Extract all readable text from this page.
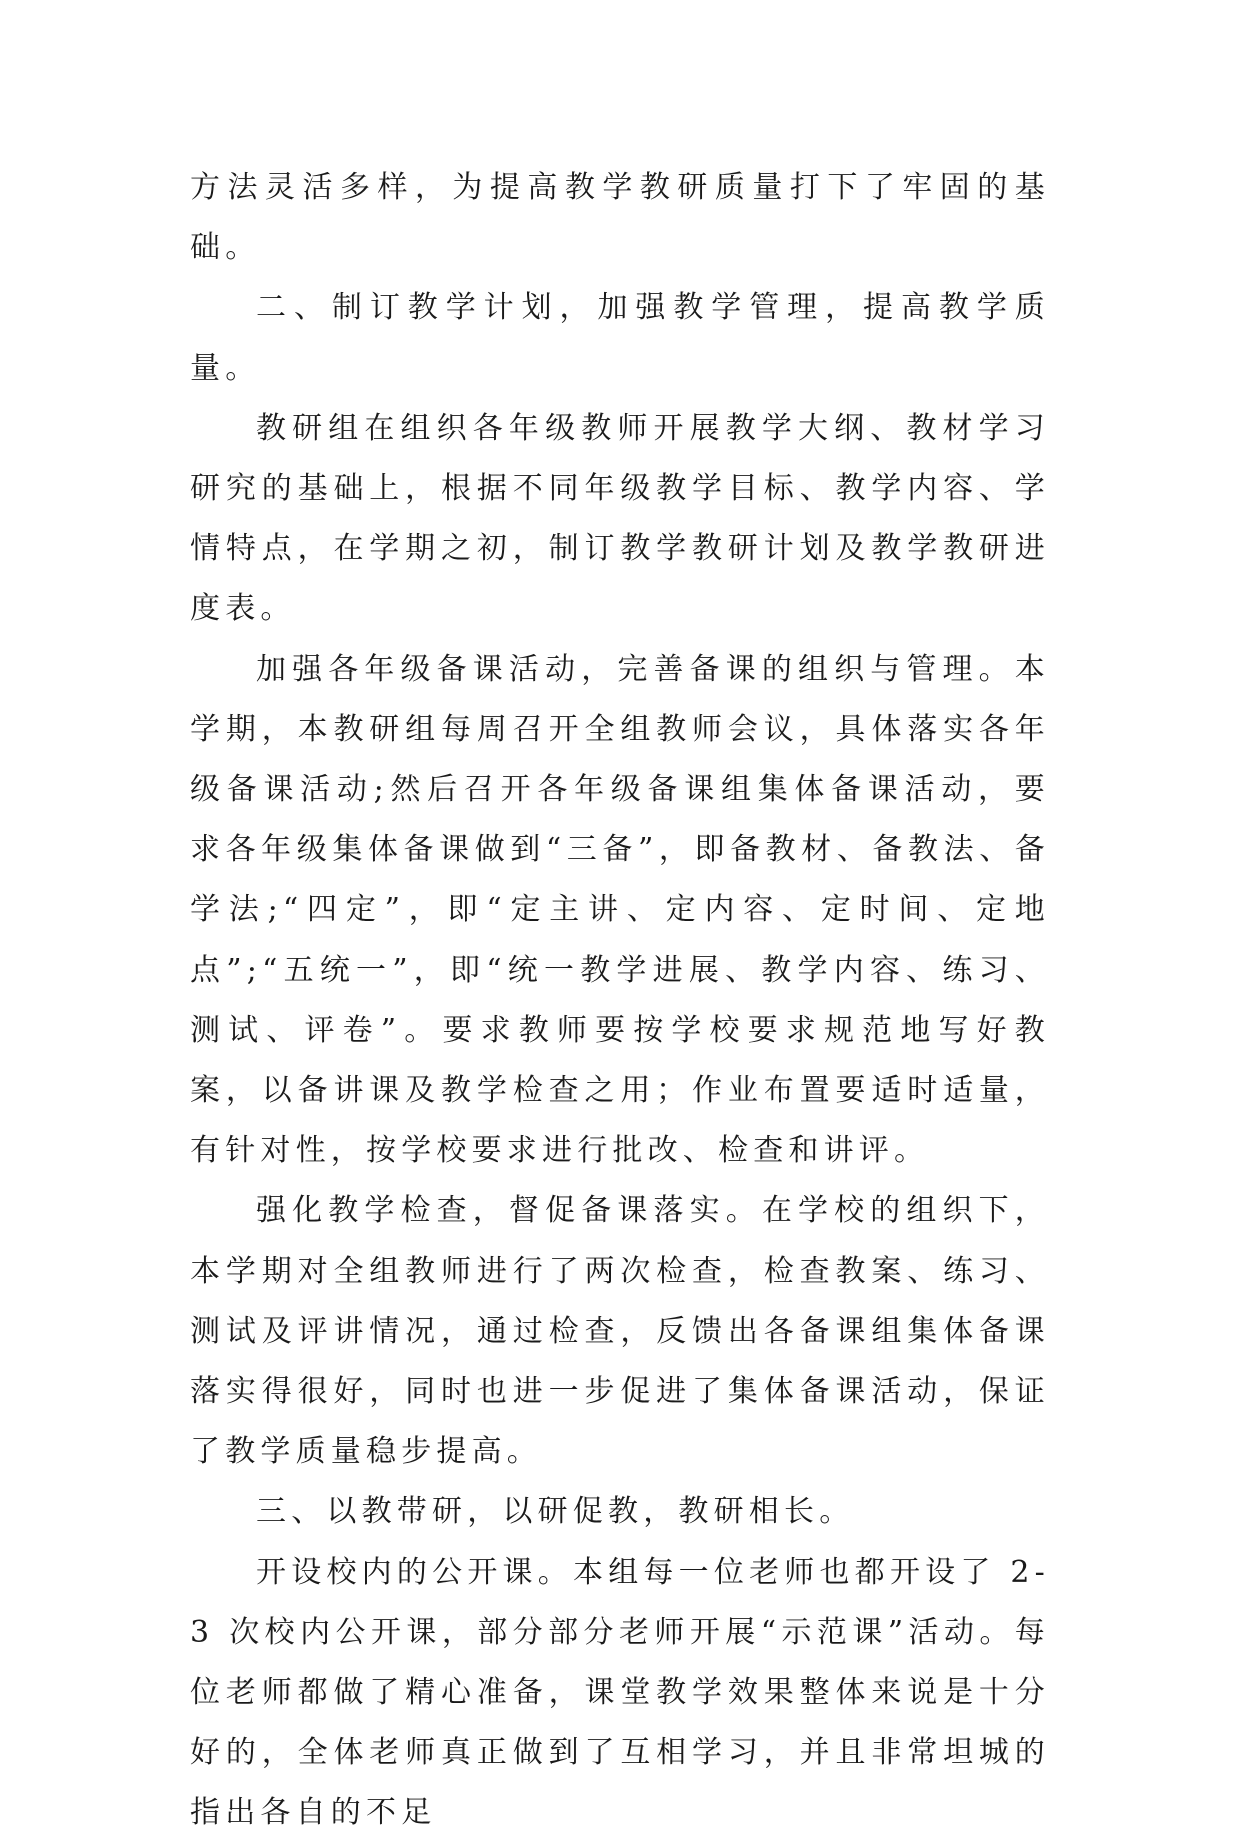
方法灵活多样，为提高教学教研质量打下了牢固的基础。

二、制订教学计划，加强教学管理，提高教学质量。

教研组在组织各年级教师开展教学大纲、教材学习研究的基础上，根据不同年级教学目标、教学内容、学情特点，在学期之初，制订教学教研计划及教学教研进度表。

加强各年级备课活动，完善备课的组织与管理。本学期，本教研组每周召开全组教师会议，具体落实各年级备课活动;然后召开各年级备课组集体备课活动，要求各年级集体备课做到“三备”，即备教材、备教法、备学法;“四定”，即“定主讲、定内容、定时间、定地点”;“五统一”，即“统一教学进展、教学内容、练习、测试、评卷”。要求教师要按学校要求规范地写好教案，以备讲课及教学检查之用；作业布置要适时适量，有针对性，按学校要求进行批改、检查和讲评。

强化教学检查，督促备课落实。在学校的组织下，本学期对全组教师进行了两次检查，检查教案、练习、测试及评讲情况，通过检查，反馈出各备课组集体备课落实得很好，同时也进一步促进了集体备课活动，保证了教学质量稳步提高。

三、以教带研，以研促教，教研相长。

开设校内的公开课。本组每一位老师也都开设了 2-3 次校内公开课，部分部分老师开展“示范课”活动。每位老师都做了精心准备，课堂教学效果整体来说是十分好的，全体老师真正做到了互相学习，并且非常坦城的指出各自的不足
